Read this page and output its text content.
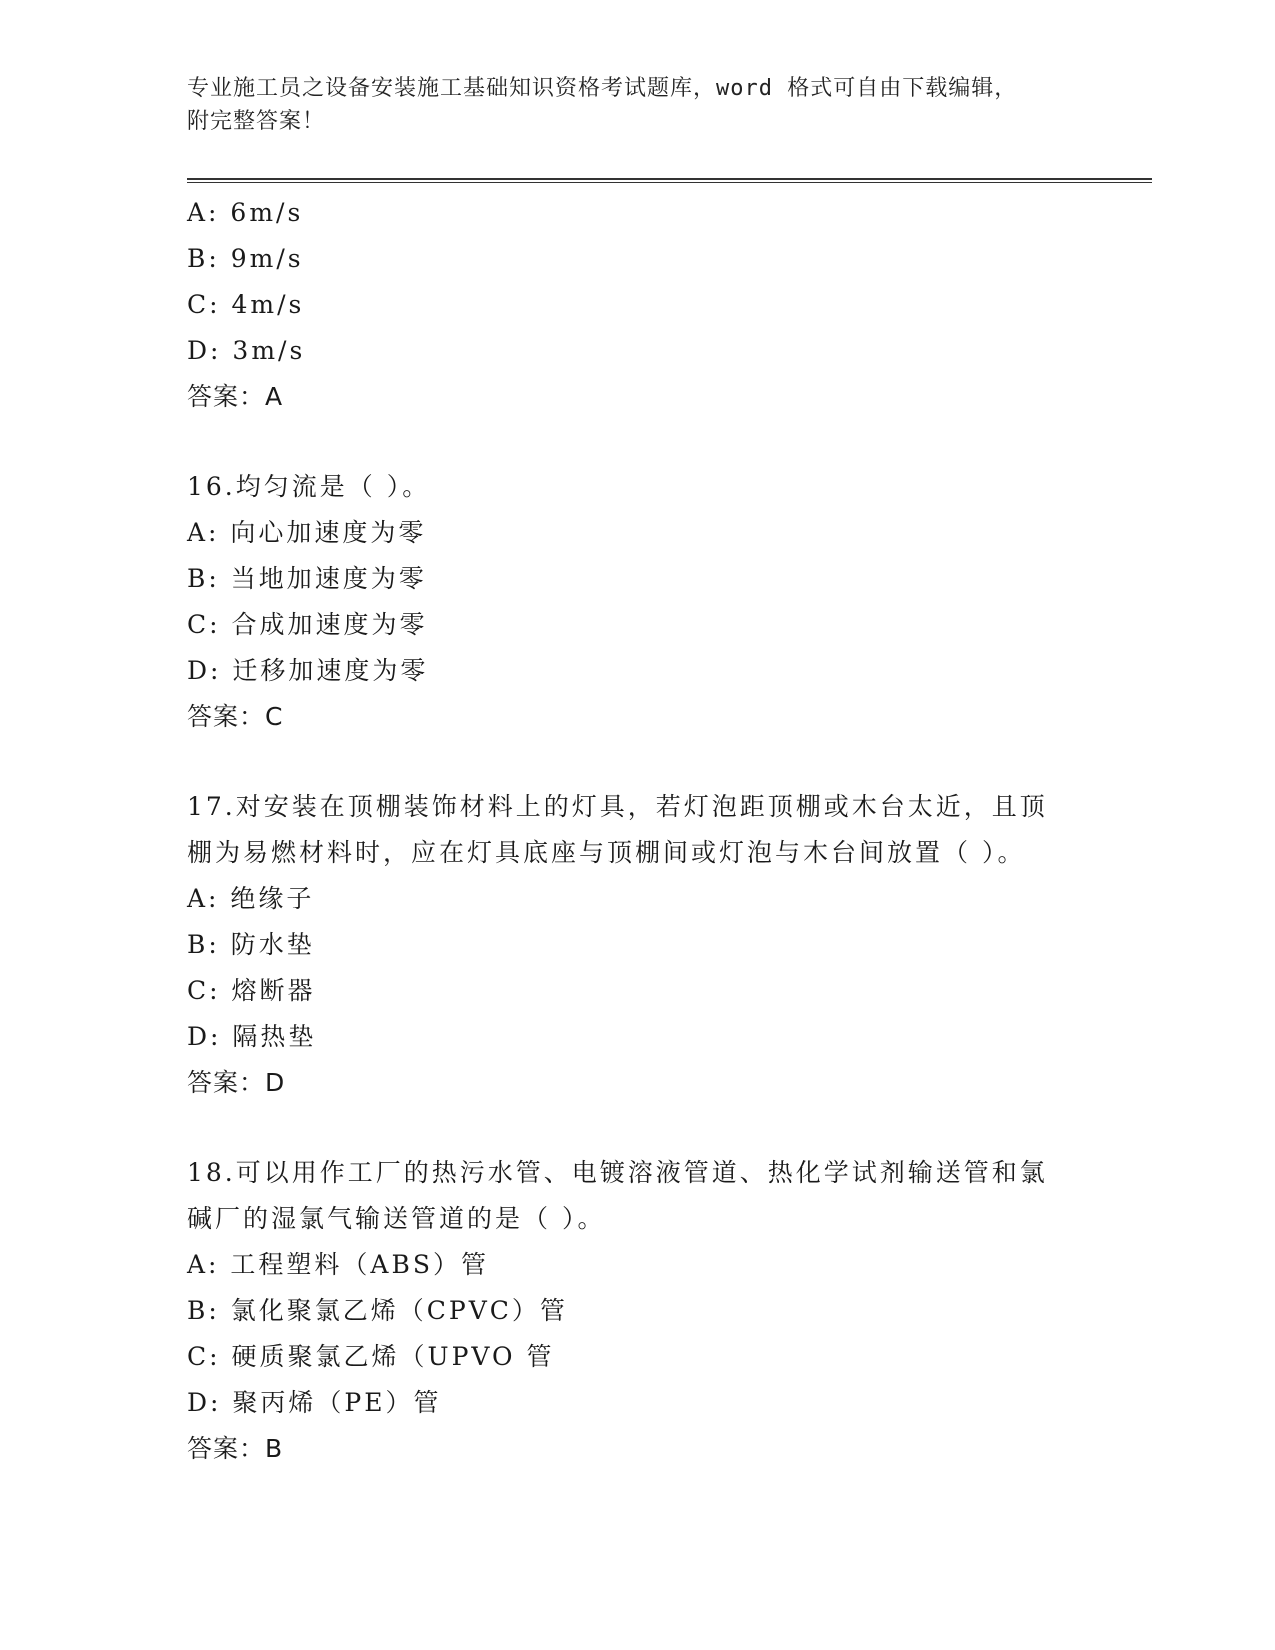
专业施工员之设备安装施工基础知识资格考试题库，word 格式可自由下载编辑，
附完整答案！
A: 6m/s
B: 9m/s
C: 4m/s
D: 3m/s
答案：A
16.均匀流是（ ）。
A: 向心加速度为零
B: 当地加速度为零
C: 合成加速度为零
D: 迁移加速度为零
答案：C
17.对安装在顶棚装饰材料上的灯具，若灯泡距顶棚或木台太近，且顶
棚为易燃材料时，应在灯具底座与顶棚间或灯泡与木台间放置（ ）。
A: 绝缘子
B: 防水垫
C: 熔断器
D: 隔热垫
答案：D
18.可以用作工厂的热污水管、电镀溶液管道、热化学试剂输送管和氯
碱厂的湿氯气输送管道的是（ ）。
A: 工程塑料（ABS）管
B: 氯化聚氯乙烯（CPVC）管
C: 硬质聚氯乙烯（UPVO 管
D: 聚丙烯（PE）管
答案：B
